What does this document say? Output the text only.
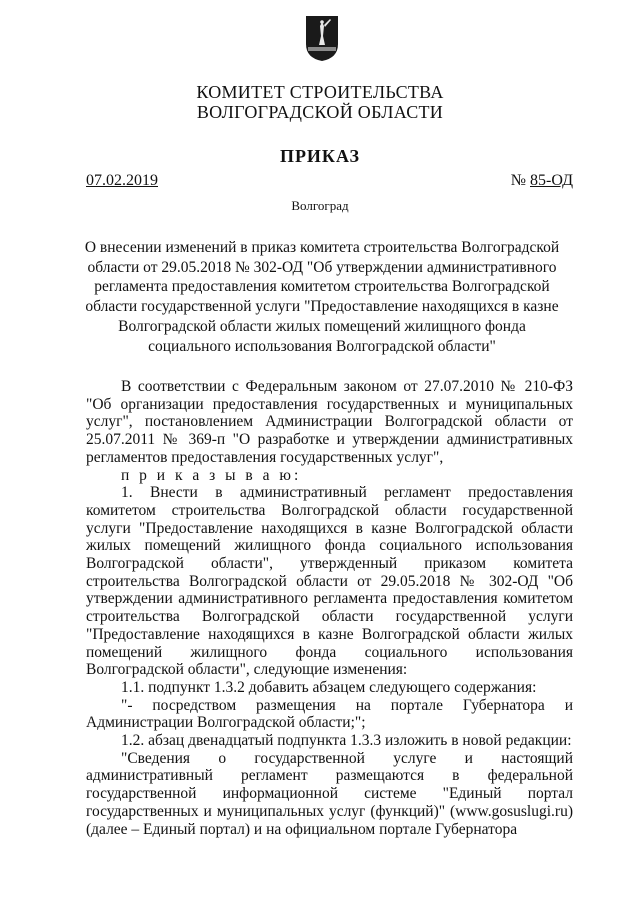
КОМИТЕТ СТРОИТЕЛЬСТВА
ВОЛГОГРАДСКОЙ ОБЛАСТИ
ПРИКАЗ
07.02.2019	№ 85-ОД
Волгоград
О внесении изменений в приказ комитета строительства Волгоградской области от 29.05.2018 № 302-ОД "Об утверждении административного регламента предоставления комитетом строительства Волгоградской области государственной услуги "Предоставление находящихся в казне Волгоградской области жилых помещений жилищного фонда социального использования Волгоградской области"

В соответствии с Федеральным законом от 27.07.2010 № 210-ФЗ "Об организации предоставления государственных и муниципальных услуг", постановлением Администрации Волгоградской области от 25.07.2011 № 369-п "О разработке и утверждении административных регламентов предоставления государственных услуг",

п р и к а з ы в а ю:

1. Внести в административный регламент предоставления комитетом строительства Волгоградской области государственной услуги "Предоставление находящихся в казне Волгоградской области жилых помещений жилищного фонда социального использования Волгоградской области", утвержденный приказом комитета строительства Волгоградской области от 29.05.2018 № 302-ОД "Об утверждении административного регламента предоставления комитетом строительства Волгоградской области государственной услуги "Предоставление находящихся в казне Волгоградской области жилых помещений жилищного фонда социального использования Волгоградской области", следующие изменения:

1.1. подпункт 1.3.2 добавить абзацем следующего содержания:

"- посредством размещения на портале Губернатора и Администрации Волгоградской области;";

1.2. абзац двенадцатый подпункта 1.3.3 изложить в новой редакции:

"Сведения о государственной услуге и настоящий административный регламент размещаются в федеральной государственной информационной системе "Единый портал государственных и муниципальных услуг (функций)" (www.gosuslugi.ru) (далее – Единый портал) и на официальном портале Губернатора
